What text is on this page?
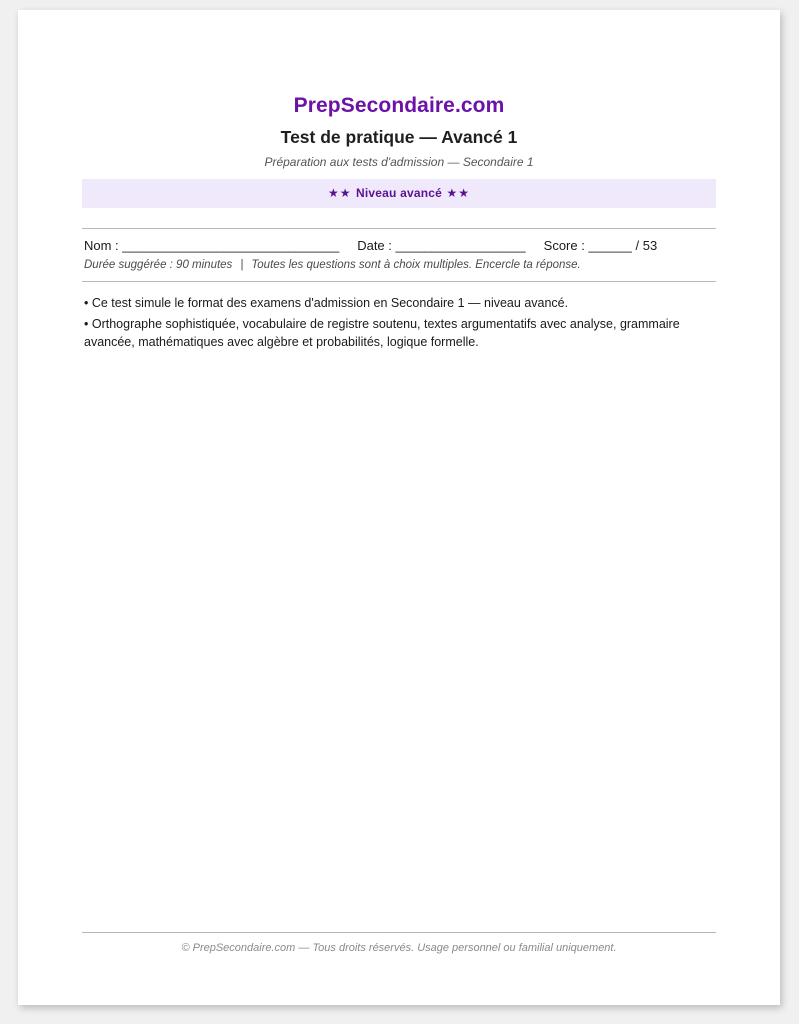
PrepSecondaire.com
Test de pratique — Avancé 1
Préparation aux tests d'admission — Secondaire 1
★★ Niveau avancé ★★
Nom : ______________________________ Date : __________________ Score : ______ / 53
Durée suggérée : 90 minutes | Toutes les questions sont à choix multiples. Encercle ta réponse.

• Ce test simule le format des examens d'admission en Secondaire 1 — niveau avancé.

• Orthographe sophistiquée, vocabulaire de registre soutenu, textes argumentatifs avec analyse, grammaire avancée, mathématiques avec algèbre et probabilités, logique formelle.

© PrepSecondaire.com — Tous droits réservés. Usage personnel ou familial uniquement.
